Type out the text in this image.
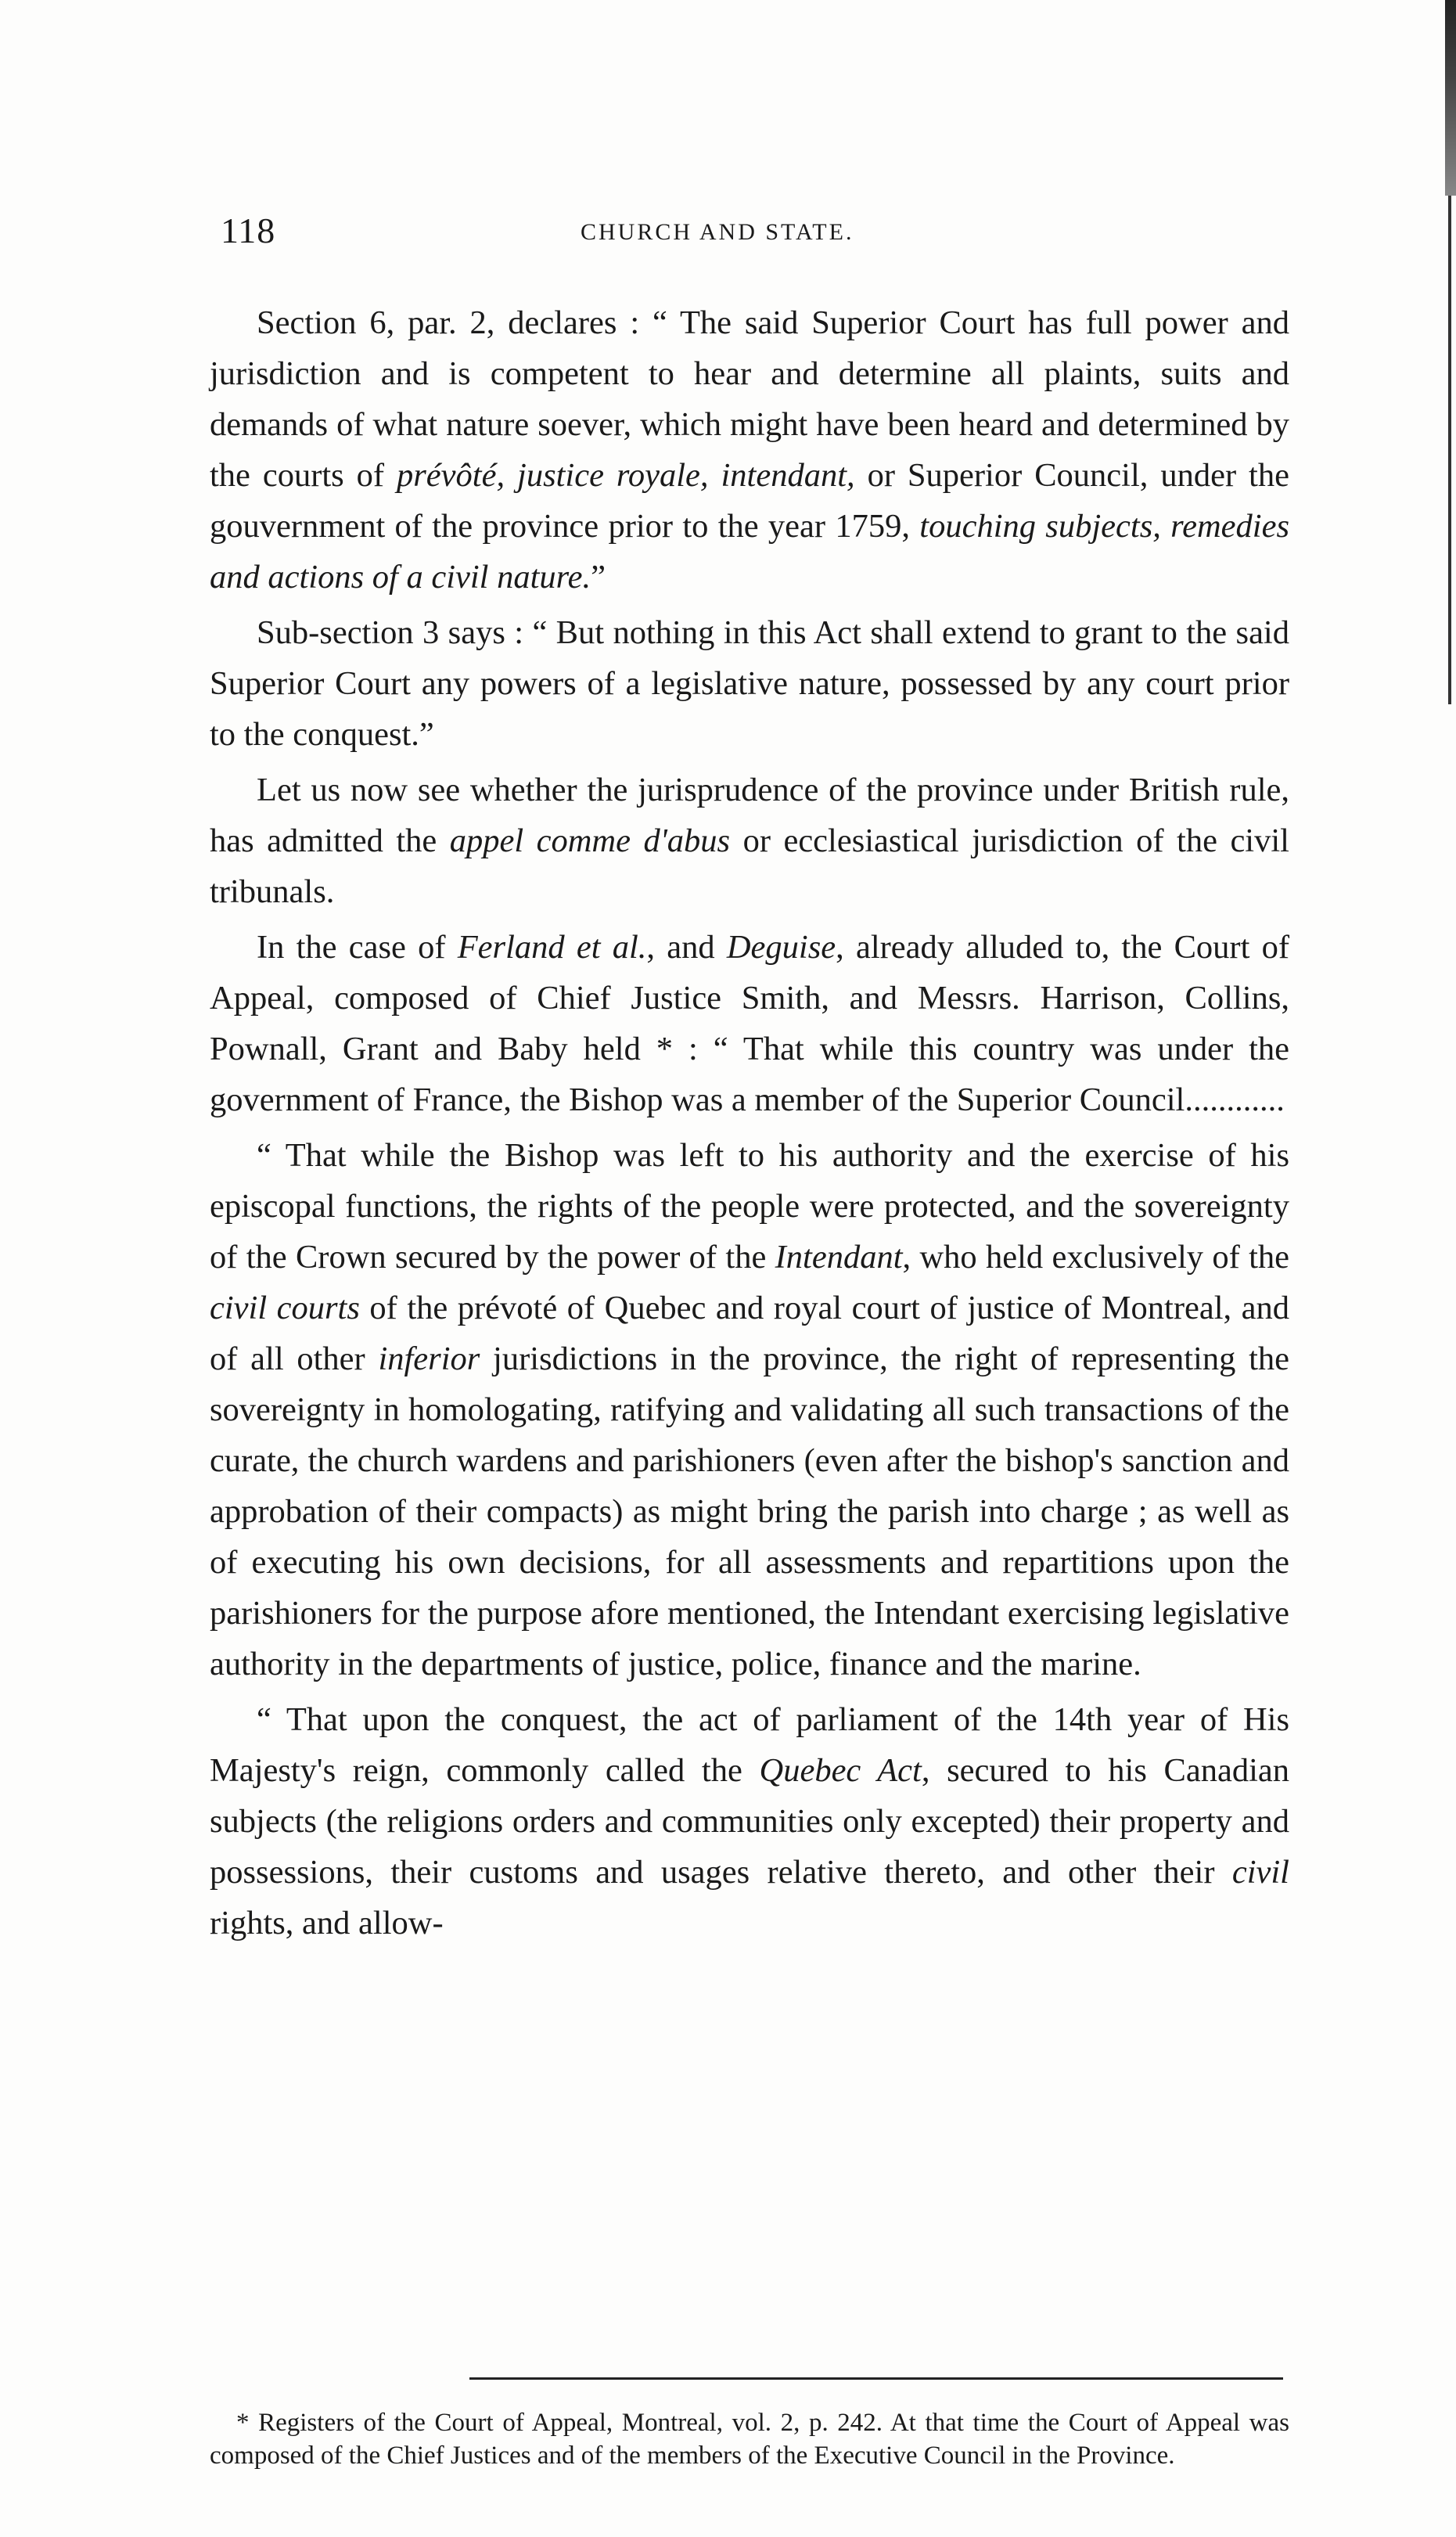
118	CHURCH AND STATE.

Section 6, par. 2, declares : “ The said Superior Court has full power and jurisdiction and is competent to hear and determine all plaints, suits and demands of what nature soever, which might have been heard and determined by the courts of prévôté, justice royale, intendant, or Superior Council, under the gouvernment of the province prior to the year 1759, touching subjects, remedies and actions of a civil nature.”

Sub-section 3 says : “ But nothing in this Act shall extend to grant to the said Superior Court any powers of a legislative nature, possessed by any court prior to the conquest.”

Let us now see whether the jurisprudence of the province under British rule, has admitted the appel comme d'abus or ecclesiastical jurisdiction of the civil tribunals.

In the case of Ferland et al., and Deguise, already alluded to, the Court of Appeal, composed of Chief Justice Smith, and Messrs. Harrison, Collins, Pownall, Grant and Baby held * : “ That while this country was under the government of France, the Bishop was a member of the Superior Council............

“ That while the Bishop was left to his authority and the exercise of his episcopal functions, the rights of the people were protected, and the sovereignty of the Crown secured by the power of the Intendant, who held exclusively of the civil courts of the prévoté of Quebec and royal court of justice of Montreal, and of all other inferior jurisdictions in the province, the right of representing the sovereignty in homologating, ratifying and validating all such transactions of the curate, the church wardens and parishioners (even after the bishop's sanction and approbation of their compacts) as might bring the parish into charge ; as well as of executing his own decisions, for all assessments and repartitions upon the parishioners for the purpose afore mentioned, the Intendant exercising legislative authority in the departments of justice, police, finance and the marine.

“ That upon the conquest, the act of parliament of the 14th year of His Majesty's reign, commonly called the Quebec Act, secured to his Canadian subjects (the religions orders and communities only excepted) their property and possessions, their customs and usages relative thereto, and other their civil rights, and allow-

* Registers of the Court of Appeal, Montreal, vol. 2, p. 242. At that time the Court of Appeal was composed of the Chief Justices and of the members of the Executive Council in the Province.
